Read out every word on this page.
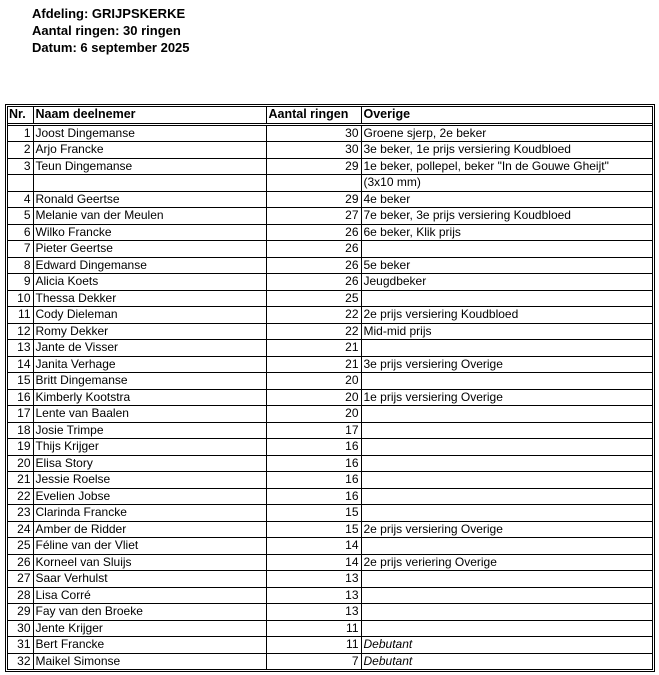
Afdeling: GRIJPSKERKE
Aantal ringen: 30 ringen
Datum: 6 september 2025
Nr.	Naam deelnemer	Aantal ringen	Overige
1	Joost Dingemanse	30	Groene sjerp, 2e beker
2	Arjo Francke	30	3e beker, 1e prijs versiering Koudbloed
3	Teun Dingemanse	29	1e beker, pollepel, beker "In de Gouwe Gheijt"
			(3x10 mm)
4	Ronald Geertse	29	4e beker
5	Melanie van der Meulen	27	7e beker, 3e prijs versiering Koudbloed
6	Wilko Francke	26	6e beker, Klik prijs
7	Pieter Geertse	26	
8	Edward Dingemanse	26	5e beker
9	Alicia Koets	26	Jeugdbeker
10	Thessa Dekker	25	
11	Cody Dieleman	22	2e prijs versiering Koudbloed
12	Romy Dekker	22	Mid-mid prijs
13	Jante de Visser	21	
14	Janita Verhage	21	3e prijs versiering Overige
15	Britt Dingemanse	20	
16	Kimberly Kootstra	20	1e prijs versiering Overige
17	Lente van Baalen	20	
18	Josie Trimpe	17	
19	Thijs Krijger	16	
20	Elisa Story	16	
21	Jessie Roelse	16	
22	Evelien Jobse	16	
23	Clarinda Francke	15	
24	Amber de Ridder	15	2e prijs versiering Overige
25	Féline van der Vliet	14	
26	Korneel van Sluijs	14	2e prijs veriering Overige
27	Saar Verhulst	13	
28	Lisa Corré	13	
29	Fay van den Broeke	13	
30	Jente Krijger	11	
31	Bert Francke	11	Debutant
32	Maikel Simonse	7	Debutant
